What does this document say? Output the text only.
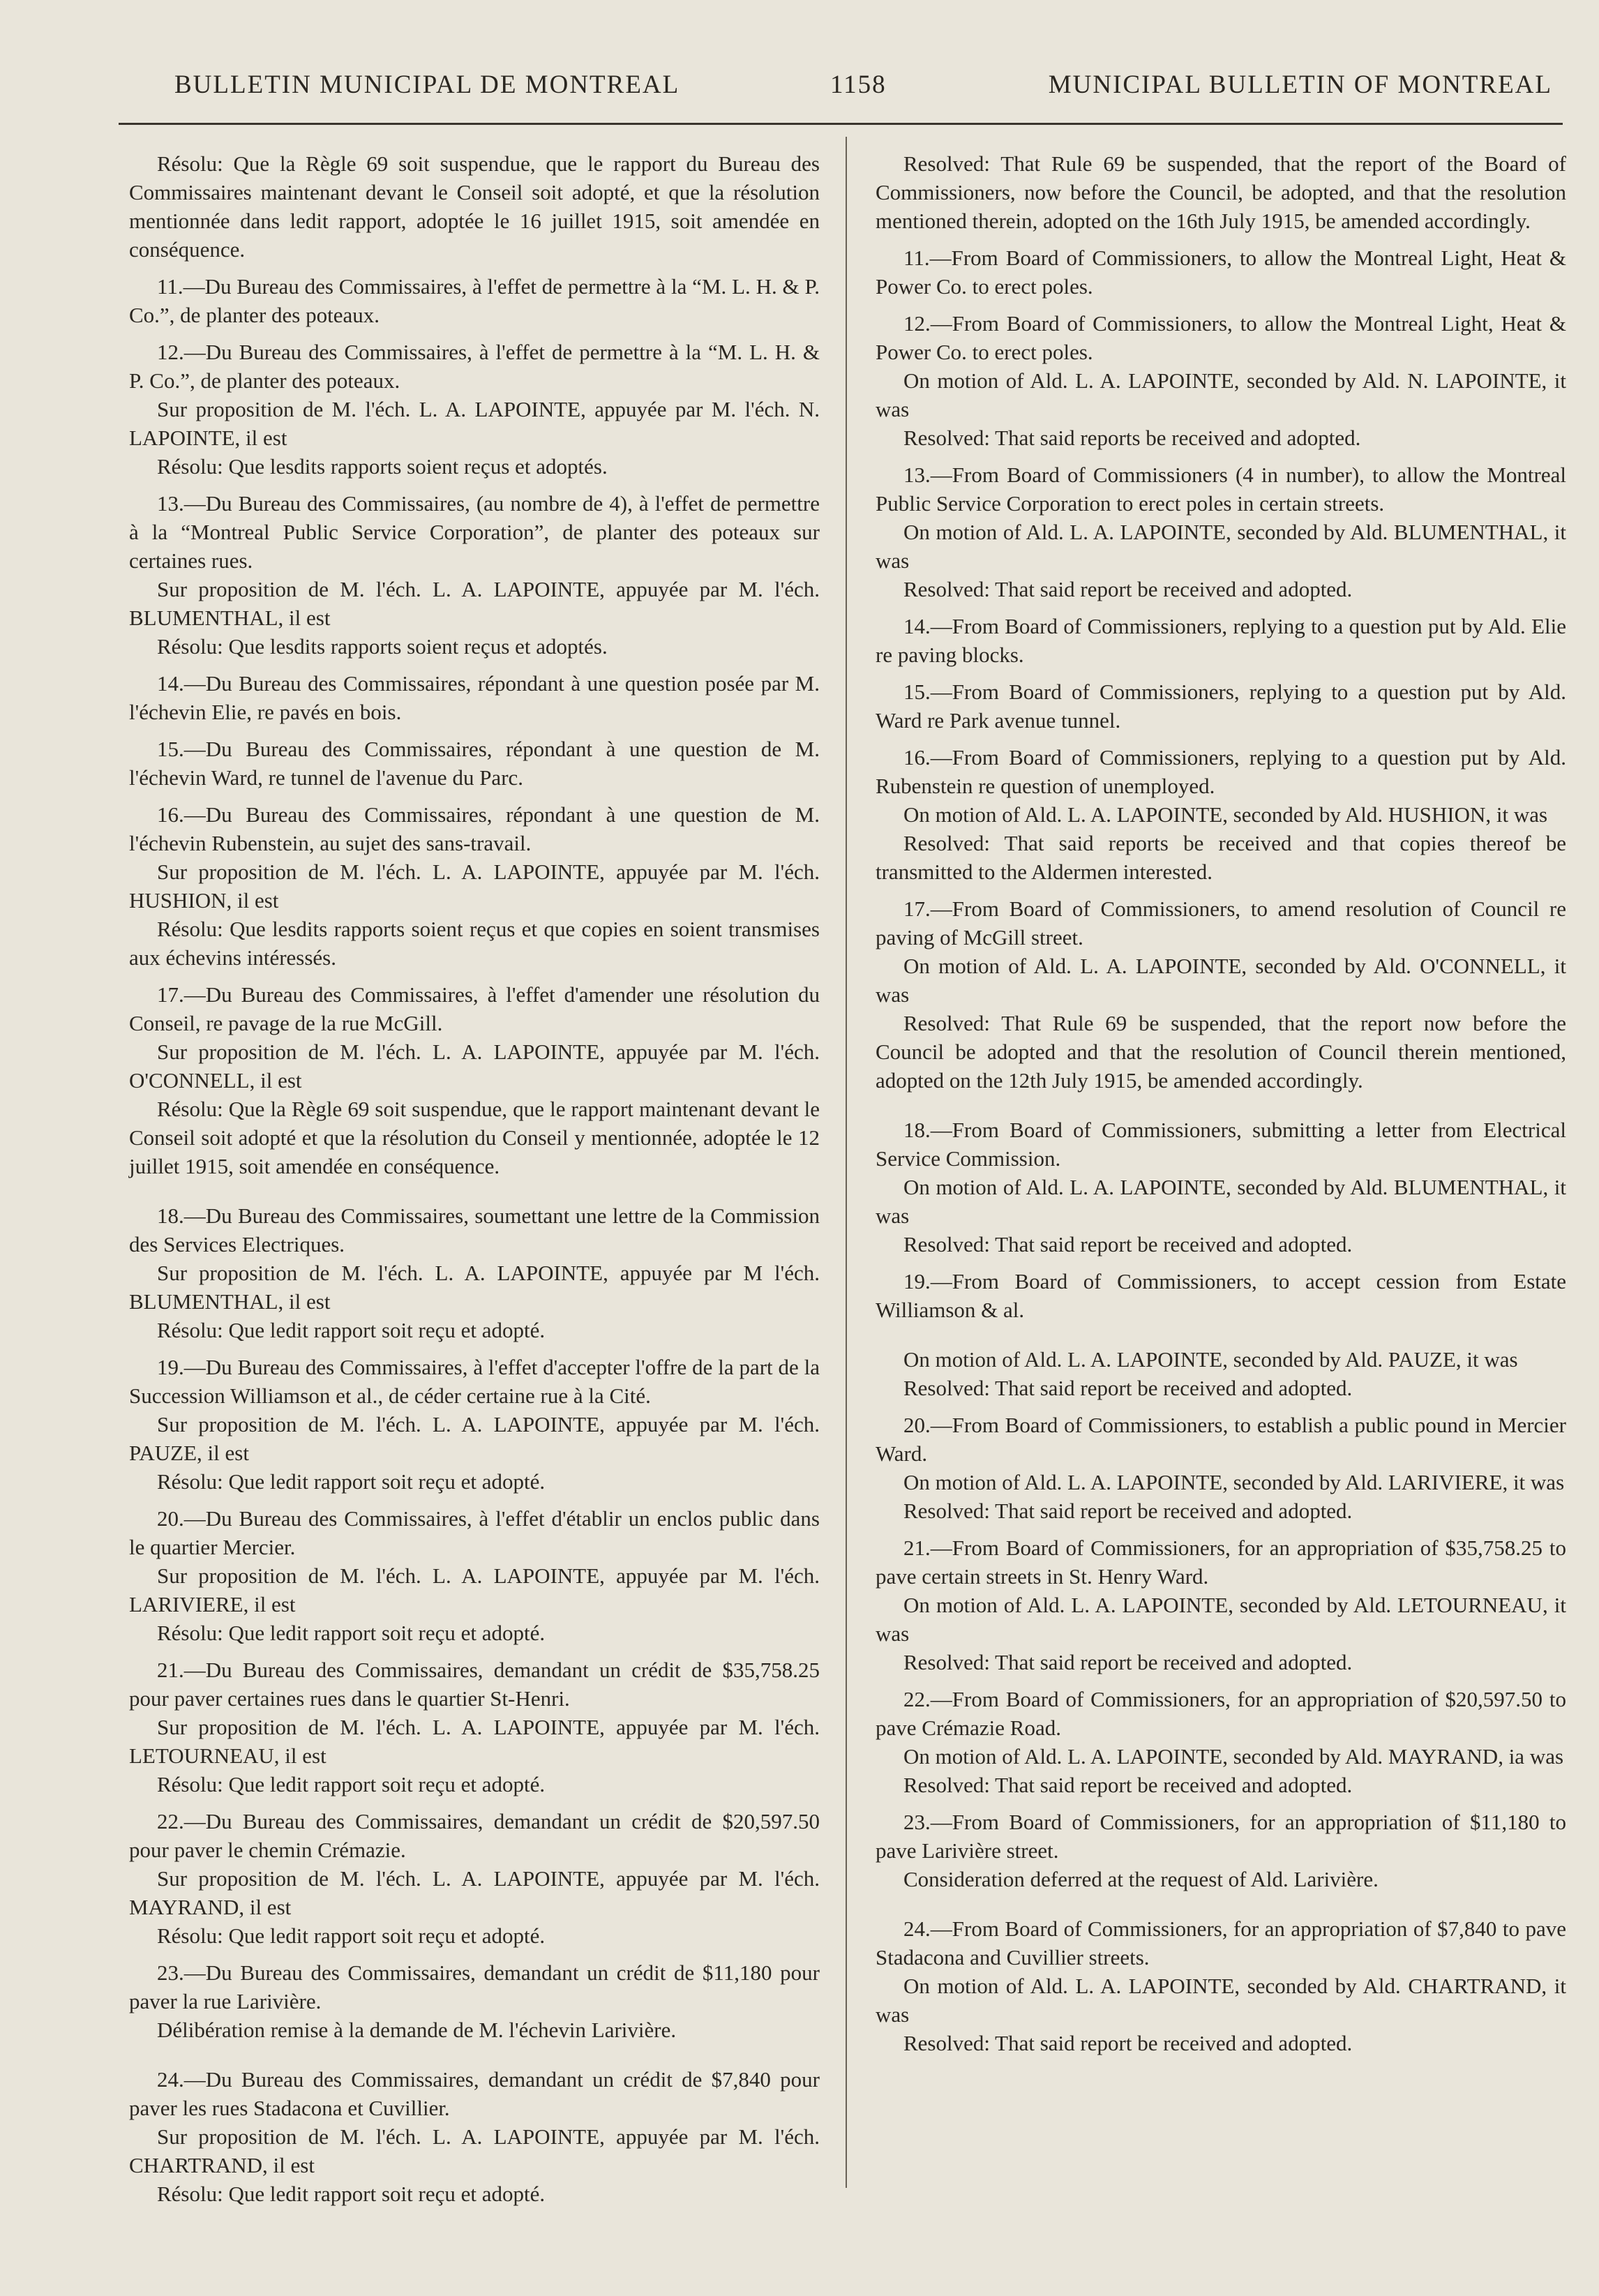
BULLETIN MUNICIPAL DE MONTREAL	1158	MUNICIPAL BULLETIN OF MONTREAL

Résolu: Que la Règle 69 soit suspendue, que le rapport du Bureau des Commissaires maintenant devant le Conseil soit adopté, et que la résolution mentionnée dans ledit rapport, adoptée le 16 juillet 1915, soit amendée en conséquence.

11.—Du Bureau des Commissaires, à l'effet de permettre à la “M. L. H. & P. Co.”, de planter des poteaux.

12.—Du Bureau des Commissaires, à l'effet de permettre à la “M. L. H. & P. Co.”, de planter des poteaux.

Sur proposition de M. l'éch. L. A. LAPOINTE, appuyée par M. l'éch. N. LAPOINTE, il est

Résolu: Que lesdits rapports soient reçus et adoptés.

13.—Du Bureau des Commissaires, (au nombre de 4), à l'effet de permettre à la “Montreal Public Service Corporation”, de planter des poteaux sur certaines rues.

Sur proposition de M. l'éch. L. A. LAPOINTE, appuyée par M. l'éch. BLUMENTHAL, il est

Résolu: Que lesdits rapports soient reçus et adoptés.

14.—Du Bureau des Commissaires, répondant à une question posée par M. l'échevin Elie, re pavés en bois.

15.—Du Bureau des Commissaires, répondant à une question de M. l'échevin Ward, re tunnel de l'avenue du Parc.

16.—Du Bureau des Commissaires, répondant à une question de M. l'échevin Rubenstein, au sujet des sans-travail.

Sur proposition de M. l'éch. L. A. LAPOINTE, appuyée par M. l'éch. HUSHION, il est

Résolu: Que lesdits rapports soient reçus et que copies en soient transmises aux échevins intéressés.

17.—Du Bureau des Commissaires, à l'effet d'amender une résolution du Conseil, re pavage de la rue McGill.

Sur proposition de M. l'éch. L. A. LAPOINTE, appuyée par M. l'éch. O'CONNELL, il est

Résolu: Que la Règle 69 soit suspendue, que le rapport maintenant devant le Conseil soit adopté et que la résolution du Conseil y mentionnée, adoptée le 12 juillet 1915, soit amendée en conséquence.

18.—Du Bureau des Commissaires, soumettant une lettre de la Commission des Services Electriques.

Sur proposition de M. l'éch. L. A. LAPOINTE, appuyée par M l'éch. BLUMENTHAL, il est

Résolu: Que ledit rapport soit reçu et adopté.

19.—Du Bureau des Commissaires, à l'effet d'accepter l'offre de la part de la Succession Williamson et al., de céder certaine rue à la Cité.

Sur proposition de M. l'éch. L. A. LAPOINTE, appuyée par M. l'éch. PAUZE, il est

Résolu: Que ledit rapport soit reçu et adopté.

20.—Du Bureau des Commissaires, à l'effet d'établir un enclos public dans le quartier Mercier.

Sur proposition de M. l'éch. L. A. LAPOINTE, appuyée par M. l'éch. LARIVIERE, il est

Résolu: Que ledit rapport soit reçu et adopté.

21.—Du Bureau des Commissaires, demandant un crédit de $35,758.25 pour paver certaines rues dans le quartier St-Henri.

Sur proposition de M. l'éch. L. A. LAPOINTE, appuyée par M. l'éch. LETOURNEAU, il est

Résolu: Que ledit rapport soit reçu et adopté.

22.—Du Bureau des Commissaires, demandant un crédit de $20,597.50 pour paver le chemin Crémazie.

Sur proposition de M. l'éch. L. A. LAPOINTE, appuyée par M. l'éch. MAYRAND, il est

Résolu: Que ledit rapport soit reçu et adopté.

23.—Du Bureau des Commissaires, demandant un crédit de $11,180 pour paver la rue Larivière.

Délibération remise à la demande de M. l'échevin Larivière.

24.—Du Bureau des Commissaires, demandant un crédit de $7,840 pour paver les rues Stadacona et Cuvillier.

Sur proposition de M. l'éch. L. A. LAPOINTE, appuyée par M. l'éch. CHARTRAND, il est

Résolu: Que ledit rapport soit reçu et adopté.

Resolved: That Rule 69 be suspended, that the report of the Board of Commissioners, now before the Council, be adopted, and that the resolution mentioned therein, adopted on the 16th July 1915, be amended accordingly.

11.—From Board of Commissioners, to allow the Montreal Light, Heat & Power Co. to erect poles.

12.—From Board of Commissioners, to allow the Montreal Light, Heat & Power Co. to erect poles.

On motion of Ald. L. A. LAPOINTE, seconded by Ald. N. LAPOINTE, it was

Resolved: That said reports be received and adopted.

13.—From Board of Commissioners (4 in number), to allow the Montreal Public Service Corporation to erect poles in certain streets.

On motion of Ald. L. A. LAPOINTE, seconded by Ald. BLUMENTHAL, it was

Resolved: That said report be received and adopted.

14.—From Board of Commissioners, replying to a question put by Ald. Elie re paving blocks.

15.—From Board of Commissioners, replying to a question put by Ald. Ward re Park avenue tunnel.

16.—From Board of Commissioners, replying to a question put by Ald. Rubenstein re question of unemployed.

On motion of Ald. L. A. LAPOINTE, seconded by Ald. HUSHION, it was

Resolved: That said reports be received and that copies thereof be transmitted to the Aldermen interested.

17.—From Board of Commissioners, to amend resolution of Council re paving of McGill street.

On motion of Ald. L. A. LAPOINTE, seconded by Ald. O'CONNELL, it was

Resolved: That Rule 69 be suspended, that the report now before the Council be adopted and that the resolution of Council therein mentioned, adopted on the 12th July 1915, be amended accordingly.

18.—From Board of Commissioners, submitting a letter from Electrical Service Commission.

On motion of Ald. L. A. LAPOINTE, seconded by Ald. BLUMENTHAL, it was

Resolved: That said report be received and adopted.

19.—From Board of Commissioners, to accept cession from Estate Williamson & al.

On motion of Ald. L. A. LAPOINTE, seconded by Ald. PAUZE, it was

Resolved: That said report be received and adopted.

20.—From Board of Commissioners, to establish a public pound in Mercier Ward.

On motion of Ald. L. A. LAPOINTE, seconded by Ald. LARIVIERE, it was

Resolved: That said report be received and adopted.

21.—From Board of Commissioners, for an appropriation of $35,758.25 to pave certain streets in St. Henry Ward.

On motion of Ald. L. A. LAPOINTE, seconded by Ald. LETOURNEAU, it was

Resolved: That said report be received and adopted.

22.—From Board of Commissioners, for an appropriation of $20,597.50 to pave Crémazie Road.

On motion of Ald. L. A. LAPOINTE, seconded by Ald. MAYRAND, ia was

Resolved: That said report be received and adopted.

23.—From Board of Commissioners, for an appropriation of $11,180 to pave Larivière street.

Consideration deferred at the request of Ald. Larivière.

24.—From Board of Commissioners, for an appropriation of $7,840 to pave Stadacona and Cuvillier streets.

On motion of Ald. L. A. LAPOINTE, seconded by Ald. CHARTRAND, it was

Resolved: That said report be received and adopted.
